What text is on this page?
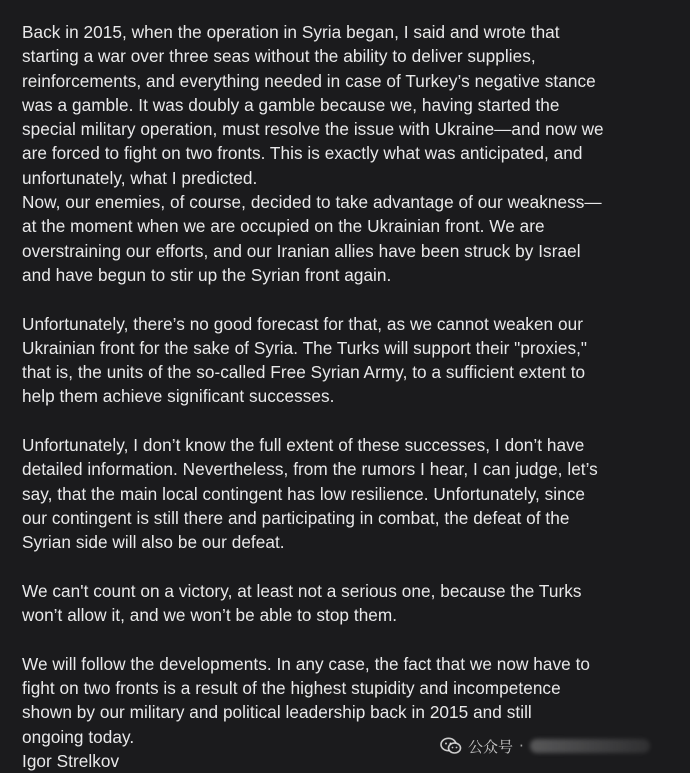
Back in 2015, when the operation in Syria began, I said and wrote that
starting a war over three seas without the ability to deliver supplies,
reinforcements, and everything needed in case of Turkey’s negative stance
was a gamble. It was doubly a gamble because we, having started the
special military operation, must resolve the issue with Ukraine—and now we
are forced to fight on two fronts. This is exactly what was anticipated, and
unfortunately, what I predicted.

Now, our enemies, of course, decided to take advantage of our weakness—
at the moment when we are occupied on the Ukrainian front. We are
overstraining our efforts, and our Iranian allies have been struck by Israel
and have begun to stir up the Syrian front again.

Unfortunately, there’s no good forecast for that, as we cannot weaken our
Ukrainian front for the sake of Syria. The Turks will support their "proxies,"
that is, the units of the so-called Free Syrian Army, to a sufficient extent to
help them achieve significant successes.

Unfortunately, I don’t know the full extent of these successes, I don’t have
detailed information. Nevertheless, from the rumors I hear, I can judge, let’s
say, that the main local contingent has low resilience. Unfortunately, since
our contingent is still there and participating in combat, the defeat of the
Syrian side will also be our defeat.

We can't count on a victory, at least not a serious one, because the Turks
won’t allow it, and we won’t be able to stop them.

We will follow the developments. In any case, the fact that we now have to
fight on two fronts is a result of the highest stupidity and incompetence
shown by our military and political leadership back in 2015 and still
ongoing today.

Igor Strelkov

公众号 ·
